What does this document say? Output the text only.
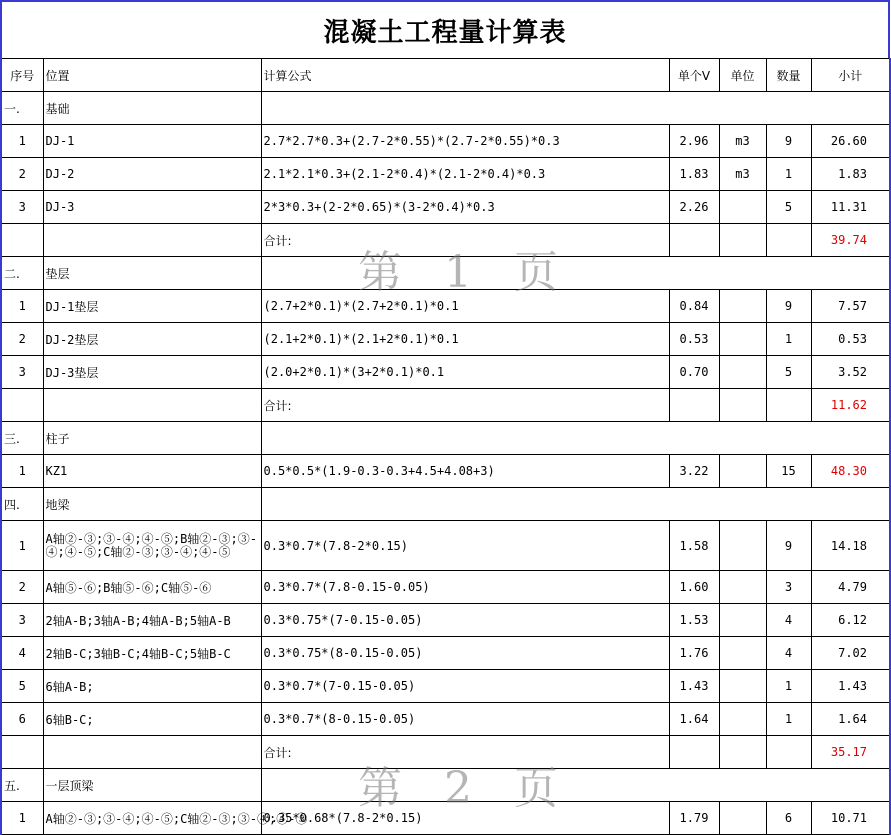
混凝土工程量计算表
序号	位置	计算公式	单个V	单位	数量	小计
一.	基础					
1	DJ-1	2.7*2.7*0.3+(2.7-2*0.55)*(2.7-2*0.55)*0.3	2.96	m3	9	26.60
2	DJ-2	2.1*2.1*0.3+(2.1-2*0.4)*(2.1-2*0.4)*0.3	1.83	m3	1	1.83
3	DJ-3	2*3*0.3+(2-2*0.65)*(3-2*0.4)*0.3	2.26		5	11.31
		合计:				39.74
二.	垫层					
1	DJ-1垫层	(2.7+2*0.1)*(2.7+2*0.1)*0.1	0.84		9	7.57
2	DJ-2垫层	(2.1+2*0.1)*(2.1+2*0.1)*0.1	0.53		1	0.53
3	DJ-3垫层	(2.0+2*0.1)*(3+2*0.1)*0.1	0.70		5	3.52
		合计:				11.62
三.	柱子					
1	KZ1	0.5*0.5*(1.9-0.3-0.3+4.5+4.08+3)	3.22		15	48.30
四.	地梁					
1	A轴②-③;③-④;④-⑤;B轴②-③;③-④;④-⑤;C轴②-③;③-④;④-⑤	0.3*0.7*(7.8-2*0.15)	1.58		9	14.18
2	A轴⑤-⑥;B轴⑤-⑥;C轴⑤-⑥	0.3*0.7*(7.8-0.15-0.05)	1.60		3	4.79
3	2轴A-B;3轴A-B;4轴A-B;5轴A-B	0.3*0.75*(7-0.15-0.05)	1.53		4	6.12
4	2轴B-C;3轴B-C;4轴B-C;5轴B-C	0.3*0.75*(8-0.15-0.05)	1.76		4	7.02
5	6轴A-B;	0.3*0.7*(7-0.15-0.05)	1.43		1	1.43
6	6轴B-C;	0.3*0.7*(8-0.15-0.05)	1.64		1	1.64
		合计:				35.17
五.	一层顶梁					
1	A轴②-③;③-④;④-⑤;C轴②-③;③-④;④-⑤	0.35*0.68*(7.8-2*0.15)	1.79		6	10.71
第 1 页
第 2 页
